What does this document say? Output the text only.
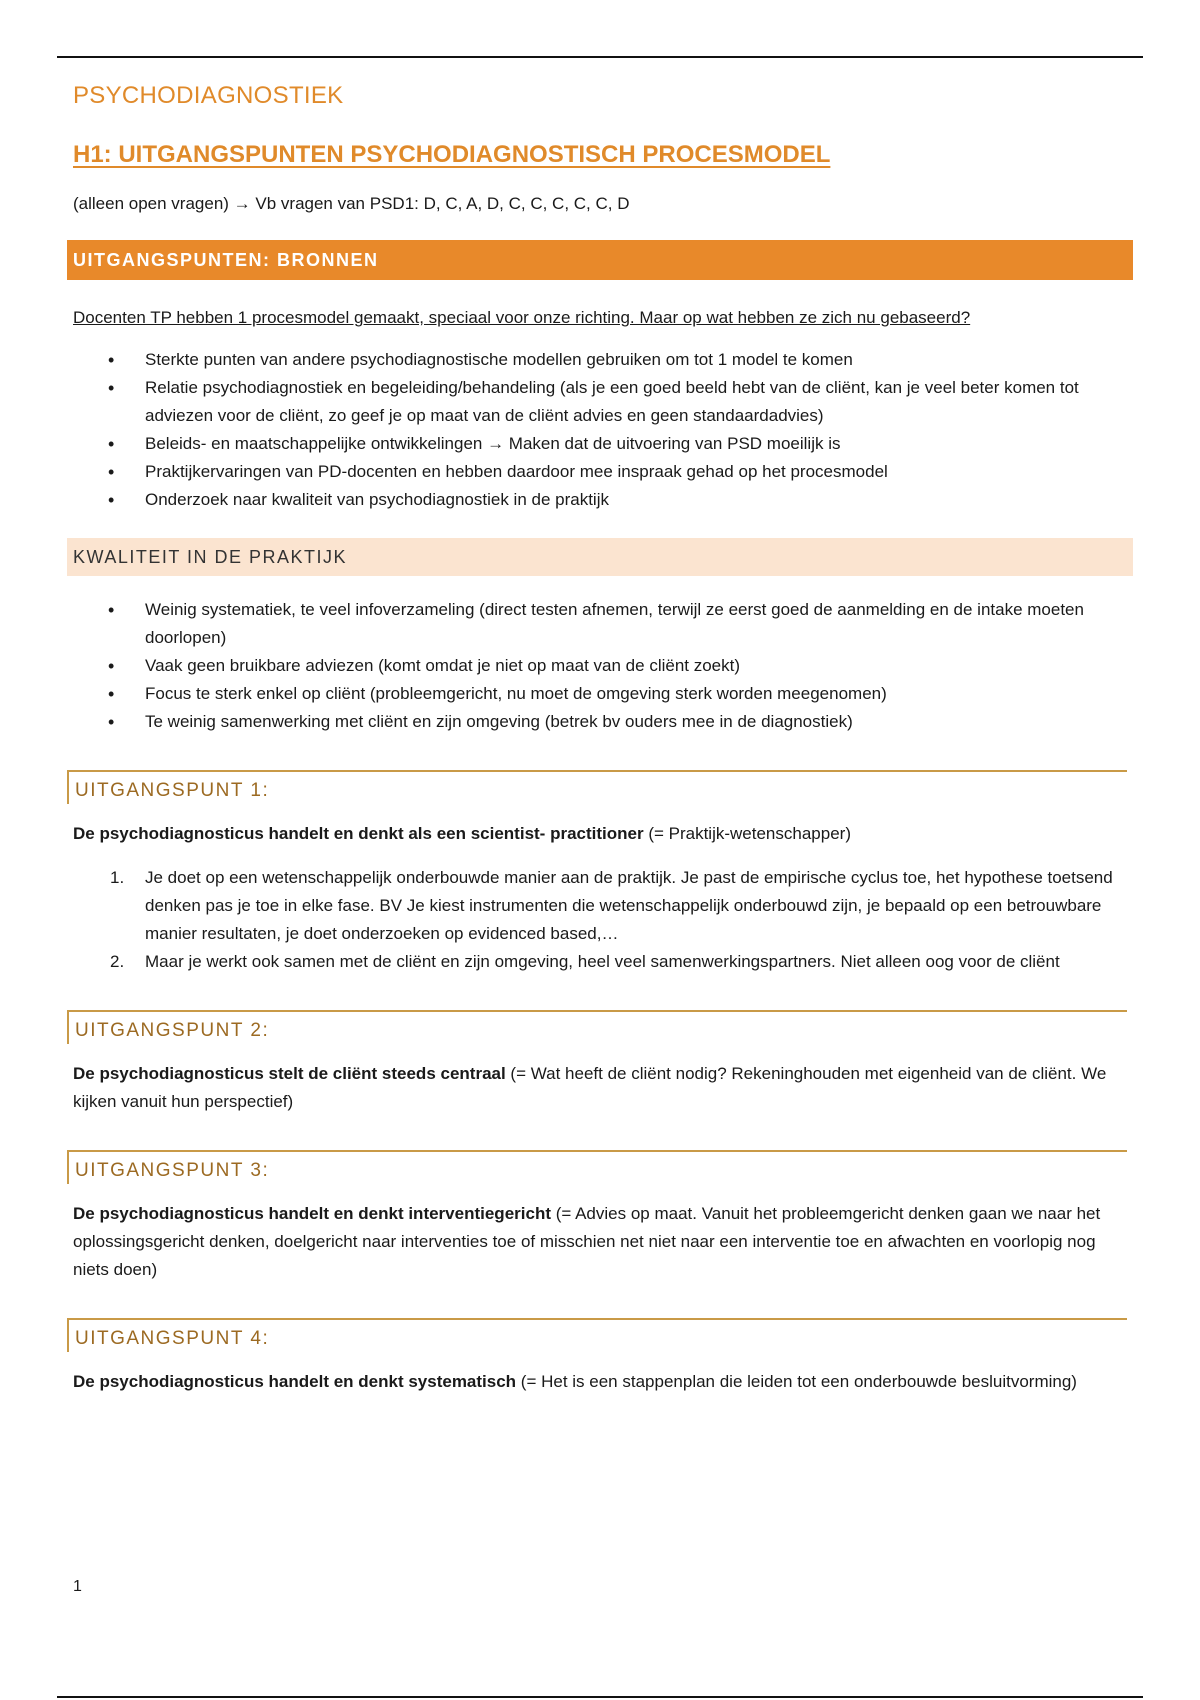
PSYCHODIAGNOSTIEK
H1: UITGANGSPUNTEN PSYCHODIAGNOSTISCH PROCESMODEL
(alleen open vragen) → Vb vragen van PSD1: D, C, A, D, C, C, C, C, C, D
UITGANGSPUNTEN: BRONNEN
Docenten TP hebben 1 procesmodel gemaakt, speciaal voor onze richting. Maar op wat hebben ze zich nu gebaseerd?
• Sterkte punten van andere psychodiagnostische modellen gebruiken om tot 1 model te komen
• Relatie psychodiagnostiek en begeleiding/behandeling (als je een goed beeld hebt van de cliënt, kan je veel beter komen tot adviezen voor de cliënt, zo geef je op maat van de cliënt advies en geen standaardadvies)
• Beleids- en maatschappelijke ontwikkelingen → Maken dat de uitvoering van PSD moeilijk is
• Praktijkervaringen van PD-docenten en hebben daardoor mee inspraak gehad op het procesmodel
• Onderzoek naar kwaliteit van psychodiagnostiek in de praktijk
KWALITEIT IN DE PRAKTIJK
• Weinig systematiek, te veel infoverzameling (direct testen afnemen, terwijl ze eerst goed de aanmelding en de intake moeten doorlopen)
• Vaak geen bruikbare adviezen (komt omdat je niet op maat van de cliënt zoekt)
• Focus te sterk enkel op cliënt (probleemgericht, nu moet de omgeving sterk worden meegenomen)
• Te weinig samenwerking met cliënt en zijn omgeving (betrek bv ouders mee in de diagnostiek)
UITGANGSPUNT 1:
De psychodiagnosticus handelt en denkt als een scientist- practitioner (= Praktijk-wetenschapper)
1. Je doet op een wetenschappelijk onderbouwde manier aan de praktijk. Je past de empirische cyclus toe, het hypothese toetsend denken pas je toe in elke fase. BV Je kiest instrumenten die wetenschappelijk onderbouwd zijn, je bepaald op een betrouwbare manier resultaten, je doet onderzoeken op evidenced based,…
2. Maar je werkt ook samen met de cliënt en zijn omgeving, heel veel samenwerkingspartners. Niet alleen oog voor de cliënt
UITGANGSPUNT 2:
De psychodiagnosticus stelt de cliënt steeds centraal (= Wat heeft de cliënt nodig? Rekeninghouden met eigenheid van de cliënt. We kijken vanuit hun perspectief)
UITGANGSPUNT 3:
De psychodiagnosticus handelt en denkt interventiegericht (= Advies op maat. Vanuit het probleemgericht denken gaan we naar het oplossingsgericht denken, doelgericht naar interventies toe of misschien net niet naar een interventie toe en afwachten en voorlopig nog niets doen)
UITGANGSPUNT 4:
De psychodiagnosticus handelt en denkt systematisch (= Het is een stappenplan die leiden tot een onderbouwde besluitvorming)
1
